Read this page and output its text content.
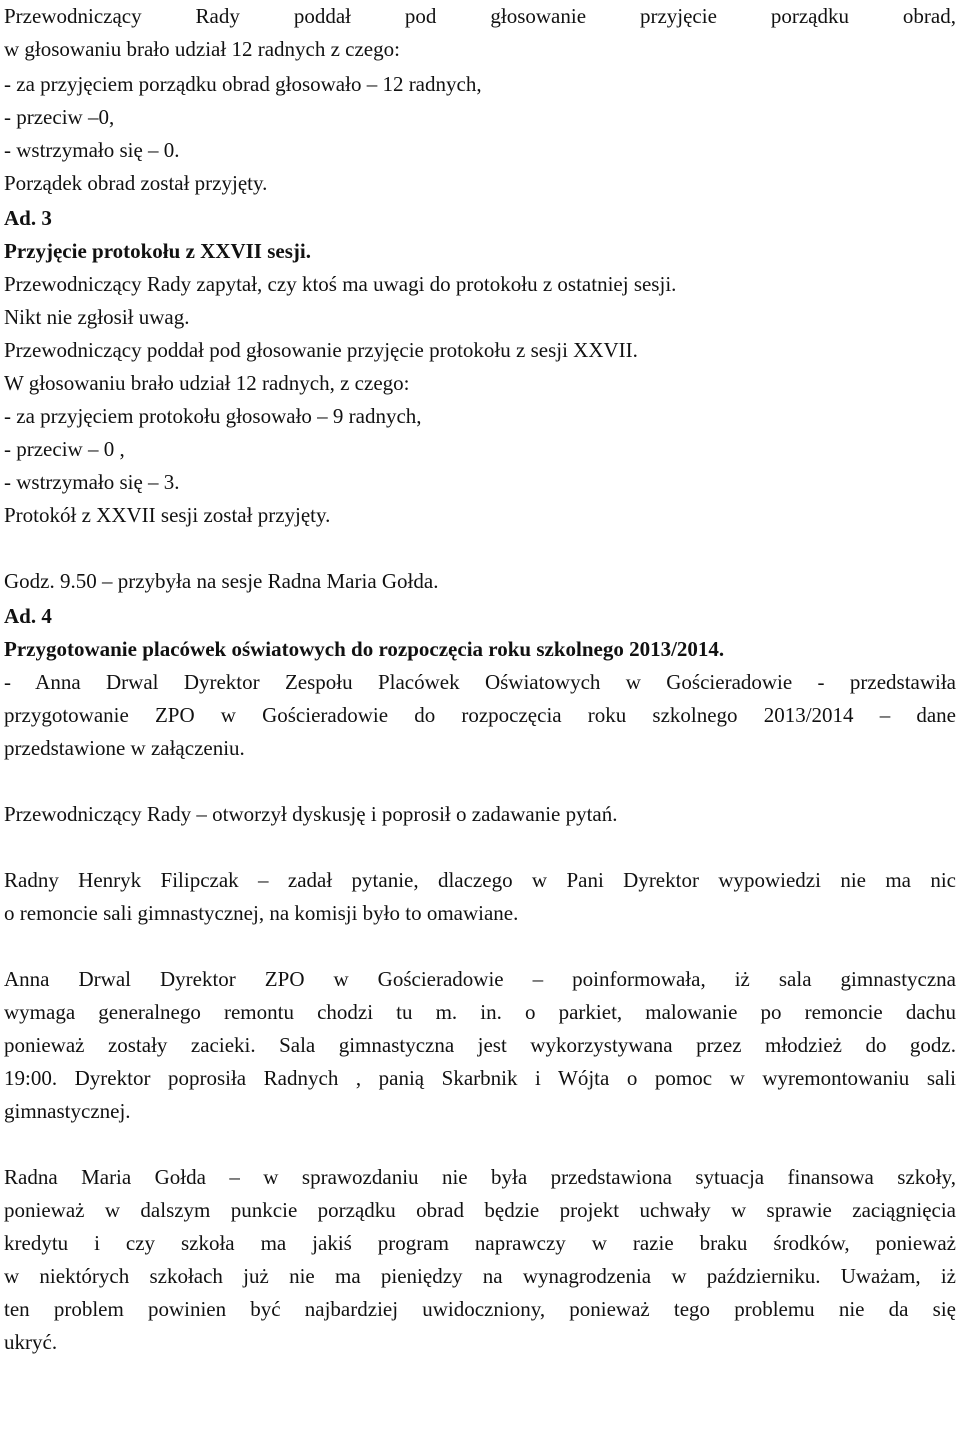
Przewodniczący Rady poddał pod głosowanie przyjęcie porządku obrad,
w głosowaniu brało udział 12 radnych z czego:
- za przyjęciem porządku obrad głosowało – 12 radnych,
- przeciw –0,
- wstrzymało się – 0.
Porządek obrad został przyjęty.
Ad. 3
Przyjęcie protokołu z XXVII sesji.
Przewodniczący Rady zapytał, czy ktoś ma uwagi do protokołu z ostatniej sesji.
Nikt nie zgłosił uwag.
Przewodniczący poddał pod głosowanie przyjęcie protokołu z sesji XXVII.
W głosowaniu brało udział 12 radnych, z czego:
- za przyjęciem protokołu głosowało – 9 radnych,
- przeciw – 0 ,
- wstrzymało się – 3.
Protokół z XXVII sesji został przyjęty.
Godz. 9.50 – przybyła na sesje Radna Maria Gołda.
Ad. 4
Przygotowanie placówek oświatowych do rozpoczęcia roku szkolnego 2013/2014.
- Anna Drwal Dyrektor Zespołu Placówek Oświatowych w Gościeradowie - przedstawiła
przygotowanie ZPO w Gościeradowie do rozpoczęcia roku szkolnego 2013/2014 – dane
przedstawione w załączeniu.
Przewodniczący Rady – otworzył dyskusję i poprosił o zadawanie pytań.
Radny Henryk Filipczak – zadał pytanie, dlaczego w Pani Dyrektor wypowiedzi nie ma nic
o remoncie sali gimnastycznej, na komisji było to omawiane.
Anna Drwal Dyrektor ZPO w Gościeradowie – poinformowała, iż sala gimnastyczna
wymaga generalnego remontu chodzi tu m. in. o parkiet, malowanie po remoncie dachu
ponieważ zostały zacieki. Sala gimnastyczna jest wykorzystywana przez młodzież do godz.
19:00. Dyrektor poprosiła Radnych , panią Skarbnik i Wójta o pomoc w wyremontowaniu sali
gimnastycznej.
Radna Maria Gołda – w sprawozdaniu nie była przedstawiona sytuacja finansowa szkoły,
ponieważ w dalszym punkcie porządku obrad będzie projekt uchwały w sprawie zaciągnięcia
kredytu i czy szkoła ma jakiś program naprawczy w razie braku środków, ponieważ
w niektórych szkołach już nie ma pieniędzy na wynagrodzenia w październiku. Uważam, iż
ten problem powinien być najbardziej uwidoczniony, ponieważ tego problemu nie da się
ukryć.
